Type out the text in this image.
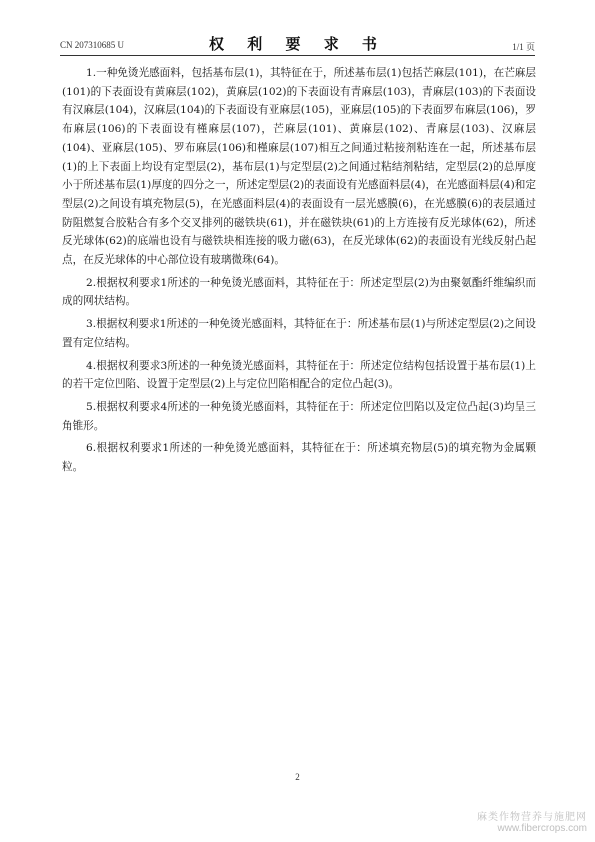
CN 207310685 U	权 利 要 求 书	1/1 页

1.一种免烫光感面料，包括基布层(1)，其特征在于，所述基布层(1)包括芒麻层(101)，在芒麻层(101)的下表面设有黄麻层(102)，黄麻层(102)的下表面设有青麻层(103)，青麻层(103)的下表面设有汉麻层(104)，汉麻层(104)的下表面设有亚麻层(105)，亚麻层(105)的下表面罗布麻层(106)，罗布麻层(106)的下表面设有槿麻层(107)，芒麻层(101)、黄麻层(102)、青麻层(103)、汉麻层(104)、亚麻层(105)、罗布麻层(106)和槿麻层(107)相互之间通过粘接剂粘连在一起，所述基布层(1)的上下表面上均设有定型层(2)，基布层(1)与定型层(2)之间通过粘结剂粘结，定型层(2)的总厚度小于所述基布层(1)厚度的四分之一，所述定型层(2)的表面设有光感面料层(4)，在光感面料层(4)和定型层(2)之间设有填充物层(5)，在光感面料层(4)的表面设有一层光感膜(6)，在光感膜(6)的表层通过防阻燃复合胶粘合有多个交叉排列的磁铁块(61)，并在磁铁块(61)的上方连接有反光球体(62)，所述反光球体(62)的底端也设有与磁铁块相连接的吸力磁(63)，在反光球体(62)的表面设有光线反射凸起点，在反光球体的中心部位设有玻璃微珠(64)。

2.根据权利要求1所述的一种免烫光感面料，其特征在于：所述定型层(2)为由聚氨酯纤维编织而成的网状结构。

3.根据权利要求1所述的一种免烫光感面料，其特征在于：所述基布层(1)与所述定型层(2)之间设置有定位结构。

4.根据权利要求3所述的一种免烫光感面料，其特征在于：所述定位结构包括设置于基布层(1)上的若干定位凹陷、设置于定型层(2)上与定位凹陷相配合的定位凸起(3)。

5.根据权利要求4所述的一种免烫光感面料，其特征在于：所述定位凹陷以及定位凸起(3)均呈三角锥形。

6.根据权利要求1所述的一种免烫光感面料，其特征在于：所述填充物层(5)的填充物为金属颗粒。

2
麻类作物营养与施肥网
www.fibercrops.com
